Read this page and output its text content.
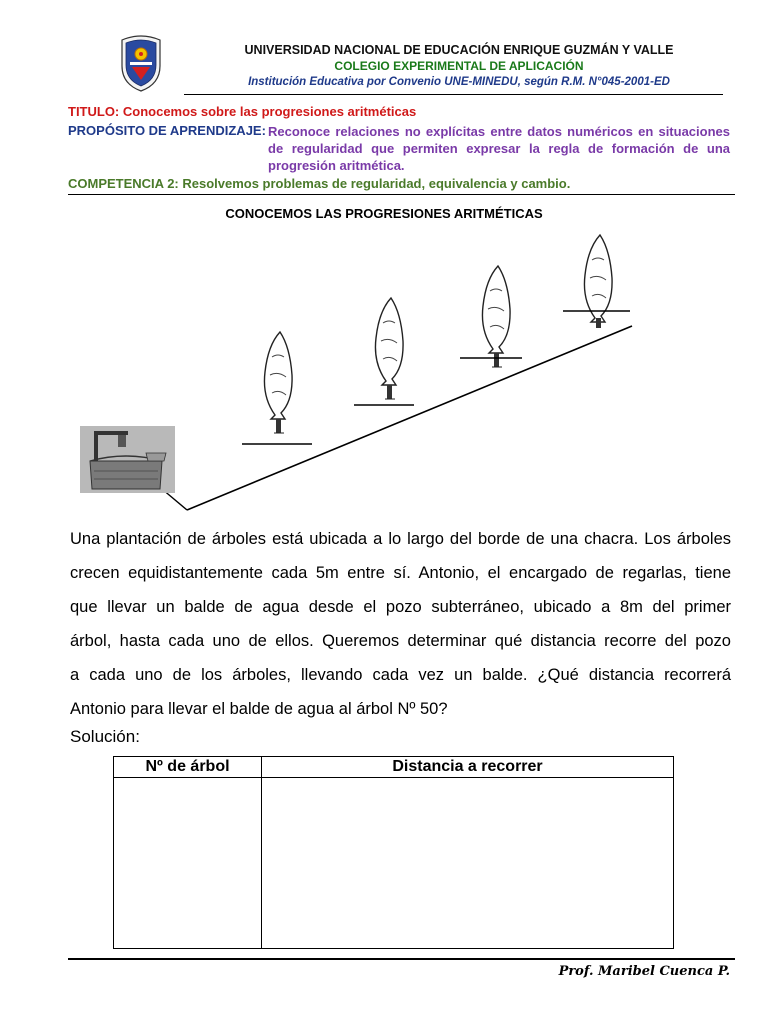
UNIVERSIDAD NACIONAL DE EDUCACIÓN ENRIQUE GUZMÁN Y VALLE
COLEGIO EXPERIMENTAL DE APLICACIÓN
Institución Educativa por Convenio UNE-MINEDU, según R.M. N°045-2001-ED
TITULO: Conocemos sobre las progresiones aritméticas
PROPÓSITO DE APRENDIZAJE: Reconoce relaciones no explícitas entre datos numéricos en situaciones
de regularidad que permiten expresar la regla de formación de una
progresión aritmética.
COMPETENCIA 2: Resolvemos problemas de regularidad, equivalencia y cambio.
CONOCEMOS LAS PROGRESIONES ARITMÉTICAS
Una plantación de árboles está ubicada a lo largo del borde de una chacra. Los árboles
crecen equidistantemente cada 5m entre sí. Antonio, el encargado de regarlas, tiene
que llevar un balde de agua desde el pozo subterráneo, ubicado a 8m del primer
árbol, hasta cada uno de ellos. Queremos determinar qué distancia recorre del pozo
a cada uno de los árboles, llevando cada vez un balde. ¿Qué distancia recorrerá
Antonio para llevar el balde de agua al árbol Nº 50?
Solución:
Nº de árbol	Distancia a recorrer

Prof. Maribel Cuenca P.
